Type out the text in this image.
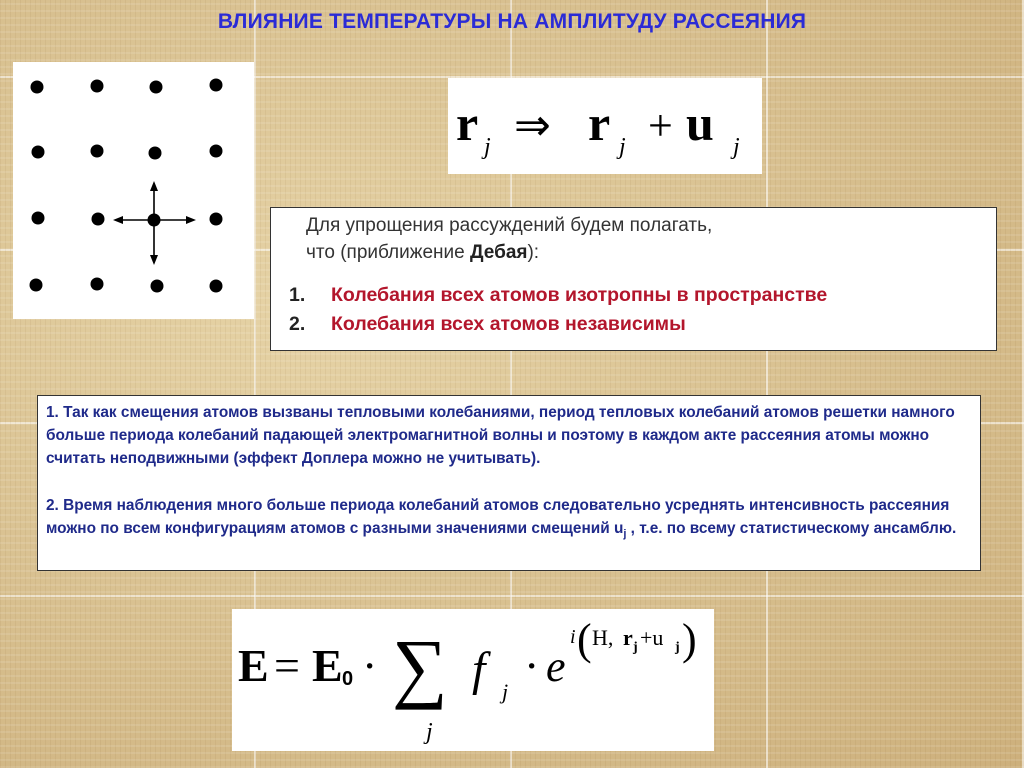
ВЛИЯНИЕ ТЕМПЕРАТУРЫ НА АМПЛИТУДУ РАССЕЯНИЯ
r j ⇒ r j + u j
Для упрощения рассуждений будем полагать,
что (приближение Дебая):
1. Колебания всех атомов изотропны в пространстве
2. Колебания всех атомов независимы

1. Так как смещения атомов вызваны тепловыми колебаниями, период тепловых колебаний атомов решетки намного больше периода колебаний падающей электромагнитной волны и поэтому в каждом акте рассеяния атомы можно считать неподвижными (эффект Доплера можно не учитывать).

2. Время наблюдения много больше периода колебаний атомов следовательно усреднять интенсивность рассеяния можно по всем конфигурациям атомов с разными значениями смещений $u_j$ , т.е. по всему статистическому ансамблю.

E = E 0 · ∑
j
f j
· e
i ( H, r j +u j )
